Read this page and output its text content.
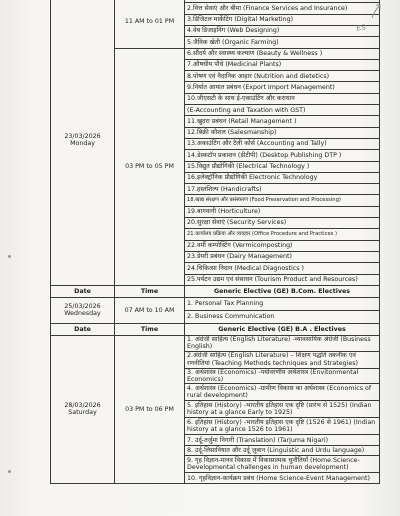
23/03/2026
Monday	11 AM to 01 PM	
		2.वित्त सेवाएं और बीमा (Finance Services and Insurance)
		3.डिजिटल मार्केटिंग (Digital Marketing)
		4.वेब डिजाइनिंग (Web Designing)
		5.जैविक खेती (Organic Farming)
	03 PM to 05 PM	6.सौंदर्य और स्वास्थ्य कल्याण (Beauty & Wellness )
		7.औषधीय पौधे (Medicinal Plants)
		8.पोषण एवं नैदानिक आहार (Nutrition and dietetics)
		9.निर्यात आयात प्रबंधन (Export Import Management)
		10.जीएसटी के साथ ई-एकाउंटिंग और कराधान
		(E-Accounting and Taxation with GST)
		11.खुदरा प्रबंधन (Retail Management )
		12.बिक्री कौशल (Salesmanship)
		13.अकाउंटिंग और टैली कोर्स (Accounting and Tally)
		14.डेस्कटॉप प्रकाशन (डीटीपी) (Desktop Publishing DTP )
		15.विद्युत प्रौद्योगिकी (Electrical Technology )
		16.इलेक्ट्रॉनिक प्रौद्योगिकी Electronic Technology
		17.हस्तशिल्प (Handicrafts)
		18.खाद्य संरक्षण और प्रसंस्करण (Food Preservation and Processing)
		19.बागवानी (Horticulture)
		20.सुरक्षा सेवाएं (Security Services)
		21.कार्यालय प्रक्रिया और व्यवहार (Office Procedure and Practices )
		22.वर्मी कम्पोस्टिंग (Vermicomposting)
		23.डेयरी प्रबंधन (Dairy Management)
		24.चिकित्सा निदान (Medical Diagnostics )
		25.पर्यटन उद्यम एवं संसाधन (Tourism Product and Resources)
Date	Time	Generic Elective (GE) B.Com. Electives

25/03/2026
Wednesday	07 AM to 10 AM	1. Personal Tax Planning
		2. Business Communication
Date	Time	Generic Elective (GE) B.A . Electives

28/03/2026
Saturday	03 PM to 06 PM	1. अंग्रेजी साहित्य (English Literature) -व्यावसायिक अंग्रेजी (Business English)
		2.अंग्रेजी साहित्य (English Literature) – शिक्षण पद्धति तकनीक एवं रणनीतियां (Teaching Methods techniques and Strategies)
		3. अर्थशास्त्र (Economics) -पर्यावरणीय अर्थशास्त्र (Envitonmental Economics)
		4. अर्थशास्त्र (Economics) -ग्रामीण विकास का अर्थशास्त्र (Economics of rural development)
		5. इतिहास (History) -भारतीय इतिहास एक दृष्टि (प्रारंभ से 1525) (Indian history at a glance Early to 1925)
		6. इतिहास (History) -भारतीय इतिहास एक दृष्टि (1526 से 1961) (Indian history at a glance 1526 to 1961)
		7. उर्दू-तर्जुमा निगारी (Translation) (Tarjuma Nigari)
		8. उर्दू-लिसानियात और उर्दू ज़ुबान (Linguistic and Urdu language)
		9. गृह विज्ञान-मानव विकास में विकासात्मक चुनौतियाँ (Home Science-Developmental challenges in human development)
		10. गृहविज्ञान-कार्यक्रम प्रबंध (Home Science-Event Management)
ES
